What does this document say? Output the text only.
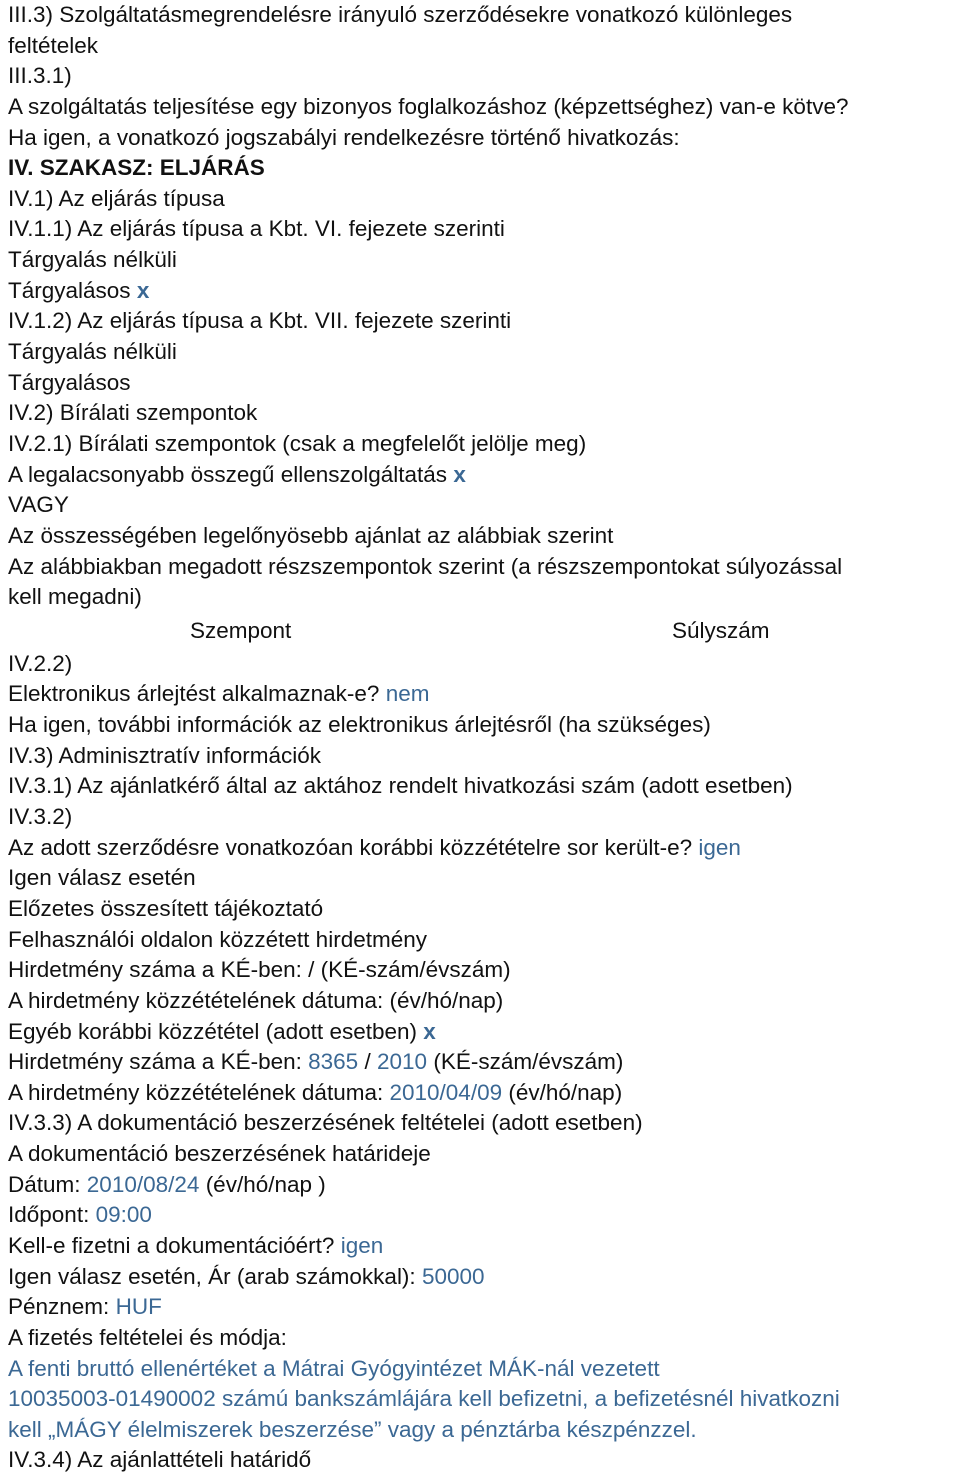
III.3) Szolgáltatásmegrendelésre irányuló szerződésekre vonatkozó különleges
feltételek
III.3.1)
A szolgáltatás teljesítése egy bizonyos foglalkozáshoz (képzettséghez) van-e kötve?
Ha igen, a vonatkozó jogszabályi rendelkezésre történő hivatkozás:
IV. SZAKASZ: ELJÁRÁS
IV.1) Az eljárás típusa
IV.1.1) Az eljárás típusa a Kbt. VI. fejezete szerinti
Tárgyalás nélküli
Tárgyalásos x
IV.1.2) Az eljárás típusa a Kbt. VII. fejezete szerinti
Tárgyalás nélküli
Tárgyalásos
IV.2) Bírálati szempontok
IV.2.1) Bírálati szempontok (csak a megfelelőt jelölje meg)
A legalacsonyabb összegű ellenszolgáltatás x
VAGY
Az összességében legelőnyösebb ajánlat az alábbiak szerint
Az alábbiakban megadott részszempontok szerint (a részszempontokat súlyozással
kell megadni)
Szempont	Súlyszám
IV.2.2)
Elektronikus árlejtést alkalmaznak-e? nem
Ha igen, további információk az elektronikus árlejtésről (ha szükséges)
IV.3) Adminisztratív információk
IV.3.1) Az ajánlatkérő által az aktához rendelt hivatkozási szám (adott esetben)
IV.3.2)
Az adott szerződésre vonatkozóan korábbi közzétételre sor került-e? igen
Igen válasz esetén
Előzetes összesített tájékoztató
Felhasználói oldalon közzétett hirdetmény
Hirdetmény száma a KÉ-ben: / (KÉ-szám/évszám)
A hirdetmény közzétételének dátuma: (év/hó/nap)
Egyéb korábbi közzététel (adott esetben) x
Hirdetmény száma a KÉ-ben: 8365 / 2010 (KÉ-szám/évszám)
A hirdetmény közzétételének dátuma: 2010/04/09 (év/hó/nap)
IV.3.3) A dokumentáció beszerzésének feltételei (adott esetben)
A dokumentáció beszerzésének határideje
Dátum: 2010/08/24 (év/hó/nap )
Időpont: 09:00
Kell-e fizetni a dokumentációért? igen
Igen válasz esetén, Ár (arab számokkal): 50000
Pénznem: HUF
A fizetés feltételei és módja:
A fenti bruttó ellenértéket a Mátrai Gyógyintézet MÁK-nál vezetett
10035003-01490002 számú bankszámlájára kell befizetni, a befizetésnél hivatkozni
kell „MÁGY élelmiszerek beszerzése” vagy a pénztárba készpénzzel.
IV.3.4) Az ajánlattételi határidő
